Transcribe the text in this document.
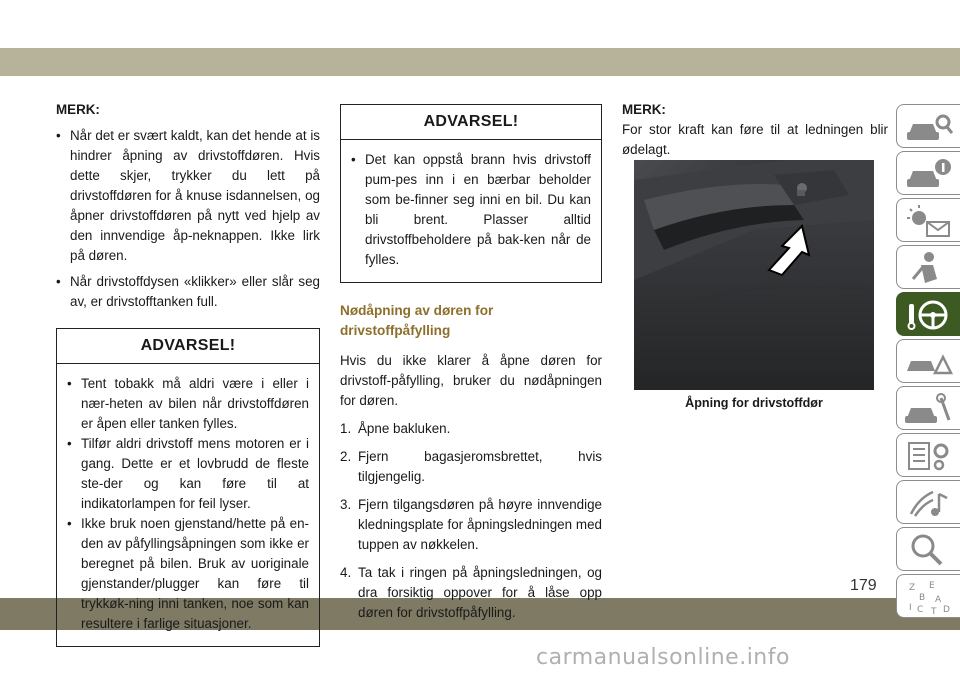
carmanualsonline.info
MERK:
• Når det er svært kaldt, kan det hende at is hindrer åpning av drivstoffdøren. Hvis dette skjer, trykker du lett på drivstoffdøren for å knuse isdannelsen, og åpner drivstoffdøren på nytt ved hjelp av den innvendige åp-neknappen. Ikke lirk på døren.
• Når drivstoffdysen «klikker» eller slår seg av, er drivstofftanken full.
ADVARSEL!
• Tent tobakk må aldri være i eller i nær-heten av bilen når drivstoffdøren er åpen eller tanken fylles.
• Tilfør aldri drivstoff mens motoren er i gang. Dette er et lovbrudd de fleste ste-der og kan føre til at indikatorlampen for feil lyser.
• Ikke bruk noen gjenstand/hette på en-den av påfyllingsåpningen som ikke er beregnet på bilen. Bruk av uoriginale gjenstander/plugger kan føre til trykkøk-ning inni tanken, noe som kan resultere i farlige situasjoner.
ADVARSEL!
• Det kan oppstå brann hvis drivstoff pum-pes inn i en bærbar beholder som be-finner seg inni en bil. Du kan bli brent. Plasser alltid drivstoffbeholdere på bak-ken når de fylles.
Nødåpning av døren for drivstoffpåfylling
Hvis du ikke klarer å åpne døren for drivstoff-påfylling, bruker du nødåpningen for døren.
1. Åpne bakluken.
2. Fjern bagasjeromsbrettet, hvis tilgjengelig.
3. Fjern tilgangsdøren på høyre innvendige kledningsplate for åpningsledningen med tuppen av nøkkelen.
4. Ta tak i ringen på åpningsledningen, og dra forsiktig oppover for å låse opp døren for drivstoffpåfylling.
MERK:
For stor kraft kan føre til at ledningen blir ødelagt.
Åpning for drivstoffdør
Z E
B A
I C T D
179
